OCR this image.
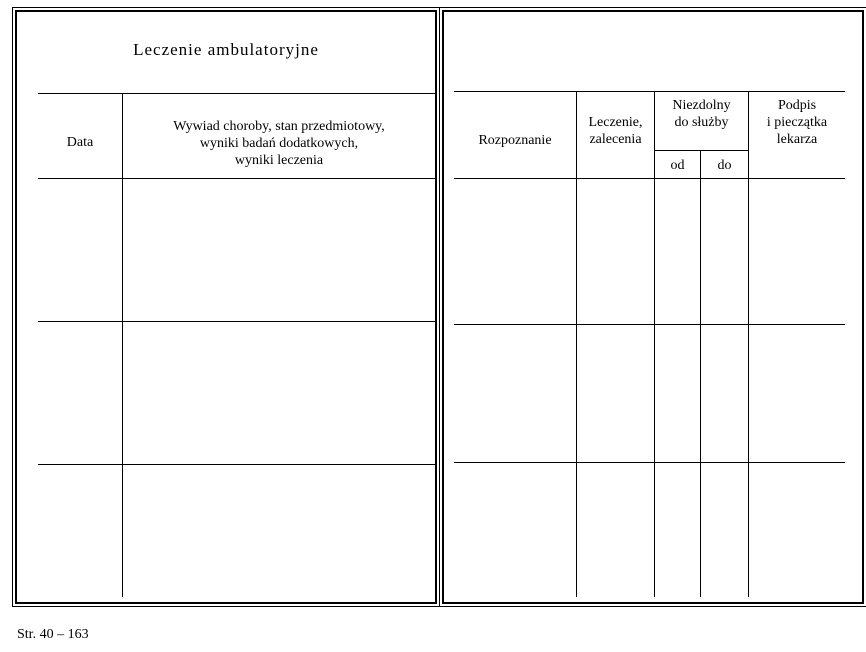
Leczenie ambulatoryjne
Data
Wywiad choroby, stan przedmiotowy,
wyniki badań dodatkowych,
wyniki leczenia
Rozpoznanie
Leczenie,
zalecenia
Niezdolny
do służby
od	do
Podpis
i pieczątka
lekarza
Str. 40 – 163
